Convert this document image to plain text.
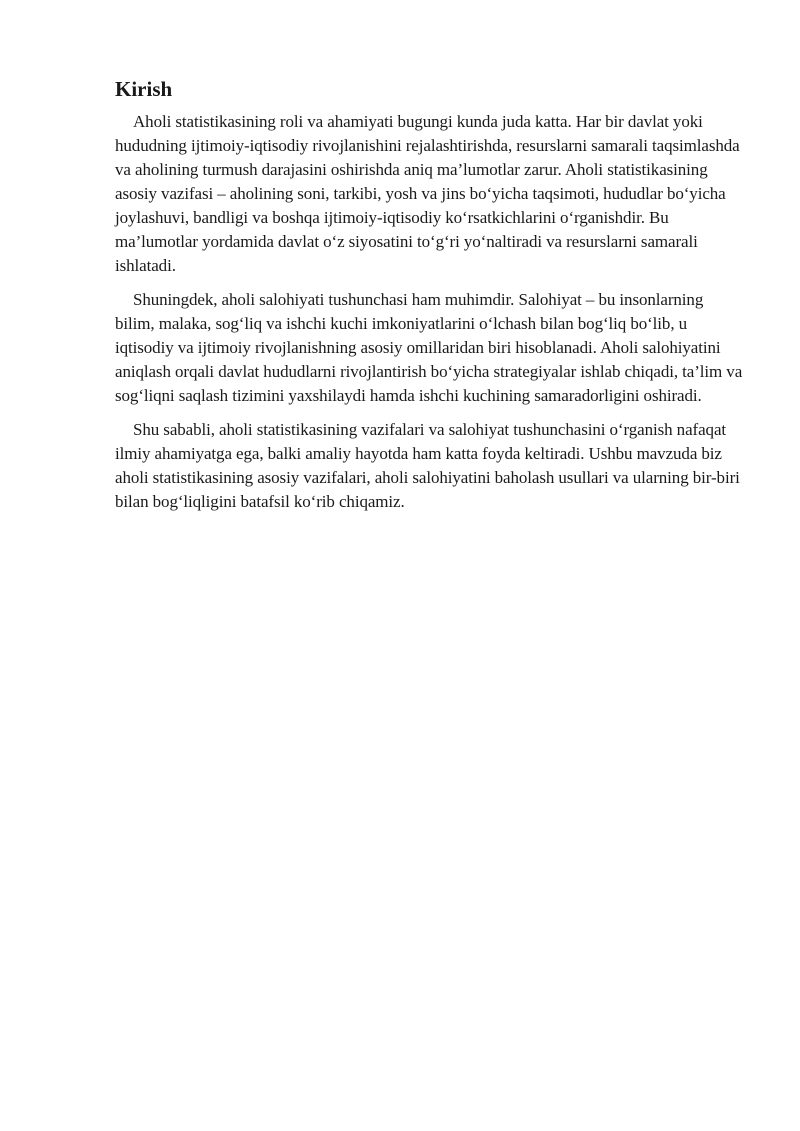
Kirish

Aholi statistikasining roli va ahamiyati bugungi kunda juda katta. Har bir davlat yoki hududning ijtimoiy-iqtisodiy rivojlanishini rejalashtirishda, resurslarni samarali taqsimlashda va aholining turmush darajasini oshirishda aniq ma’lumotlar zarur. Aholi statistikasining asosiy vazifasi – aholining soni, tarkibi, yosh va jins bo‘yicha taqsimoti, hududlar bo‘yicha joylashuvi, bandligi va boshqa ijtimoiy-iqtisodiy ko‘rsatkichlarini o‘rganishdir. Bu ma’lumotlar yordamida davlat o‘z siyosatini to‘g‘ri yo‘naltiradi va resurslarni samarali ishlatadi.

Shuningdek, aholi salohiyati tushunchasi ham muhimdir. Salohiyat – bu insonlarning bilim, malaka, sog‘liq va ishchi kuchi imkoniyatlarini o‘lchash bilan bog‘liq bo‘lib, u iqtisodiy va ijtimoiy rivojlanishning asosiy omillaridan biri hisoblanadi. Aholi salohiyatini aniqlash orqali davlat hududlarni rivojlantirish bo‘yicha strategiyalar ishlab chiqadi, ta’lim va sog‘liqni saqlash tizimini yaxshilaydi hamda ishchi kuchining samaradorligini oshiradi.

Shu sababli, aholi statistikasining vazifalari va salohiyat tushunchasini o‘rganish nafaqat ilmiy ahamiyatga ega, balki amaliy hayotda ham katta foyda keltiradi. Ushbu mavzuda biz aholi statistikasining asosiy vazifalari, aholi salohiyatini baholash usullari va ularning bir-biri bilan bog‘liqligini batafsil ko‘rib chiqamiz.
